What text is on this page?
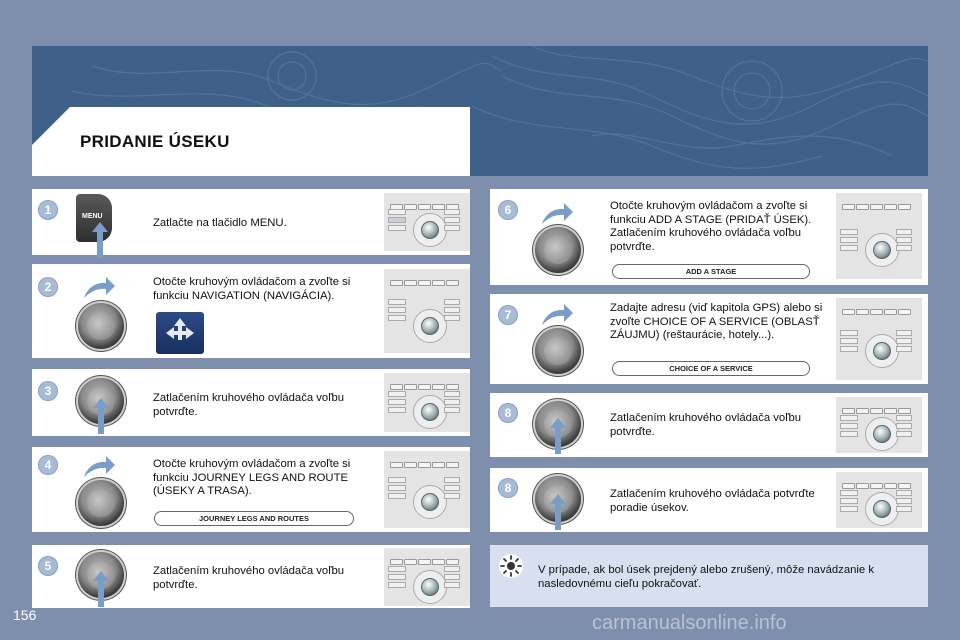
PRIDANIE ÚSEKU
1	MENU
Zatlačte na tlačidlo MENU.
2	Otočte kruhovým ovládačom a zvoľte si funkciu NAVIGATION (NAVIGÁCIA).
3	Zatlačením kruhového ovládača voľbu potvrďte.
4	Otočte kruhovým ovládačom a zvoľte si funkciu JOURNEY LEGS AND ROUTE (ÚSEKY A TRASA).
JOURNEY LEGS AND ROUTES
5	Zatlačením kruhového ovládača voľbu potvrďte.
6	Otočte kruhovým ovládačom a zvoľte si funkciu ADD A STAGE (PRIDAŤ ÚSEK). Zatlačením kruhového ovládača voľbu potvrďte.
ADD A STAGE
7	Zadajte adresu (viď kapitola GPS) alebo si zvoľte CHOICE OF A SERVICE (OBLASŤ ZÁUJMU) (reštaurácie, hotely...).
CHOICE OF A SERVICE
8	Zatlačením kruhového ovládača voľbu potvrďte.
8	Zatlačením kruhového ovládača potvrďte poradie úsekov.
V prípade, ak bol úsek prejdený alebo zrušený, môže navádzanie k nasledovnému cieľu pokračovať.
156	carmanualsonline.info
